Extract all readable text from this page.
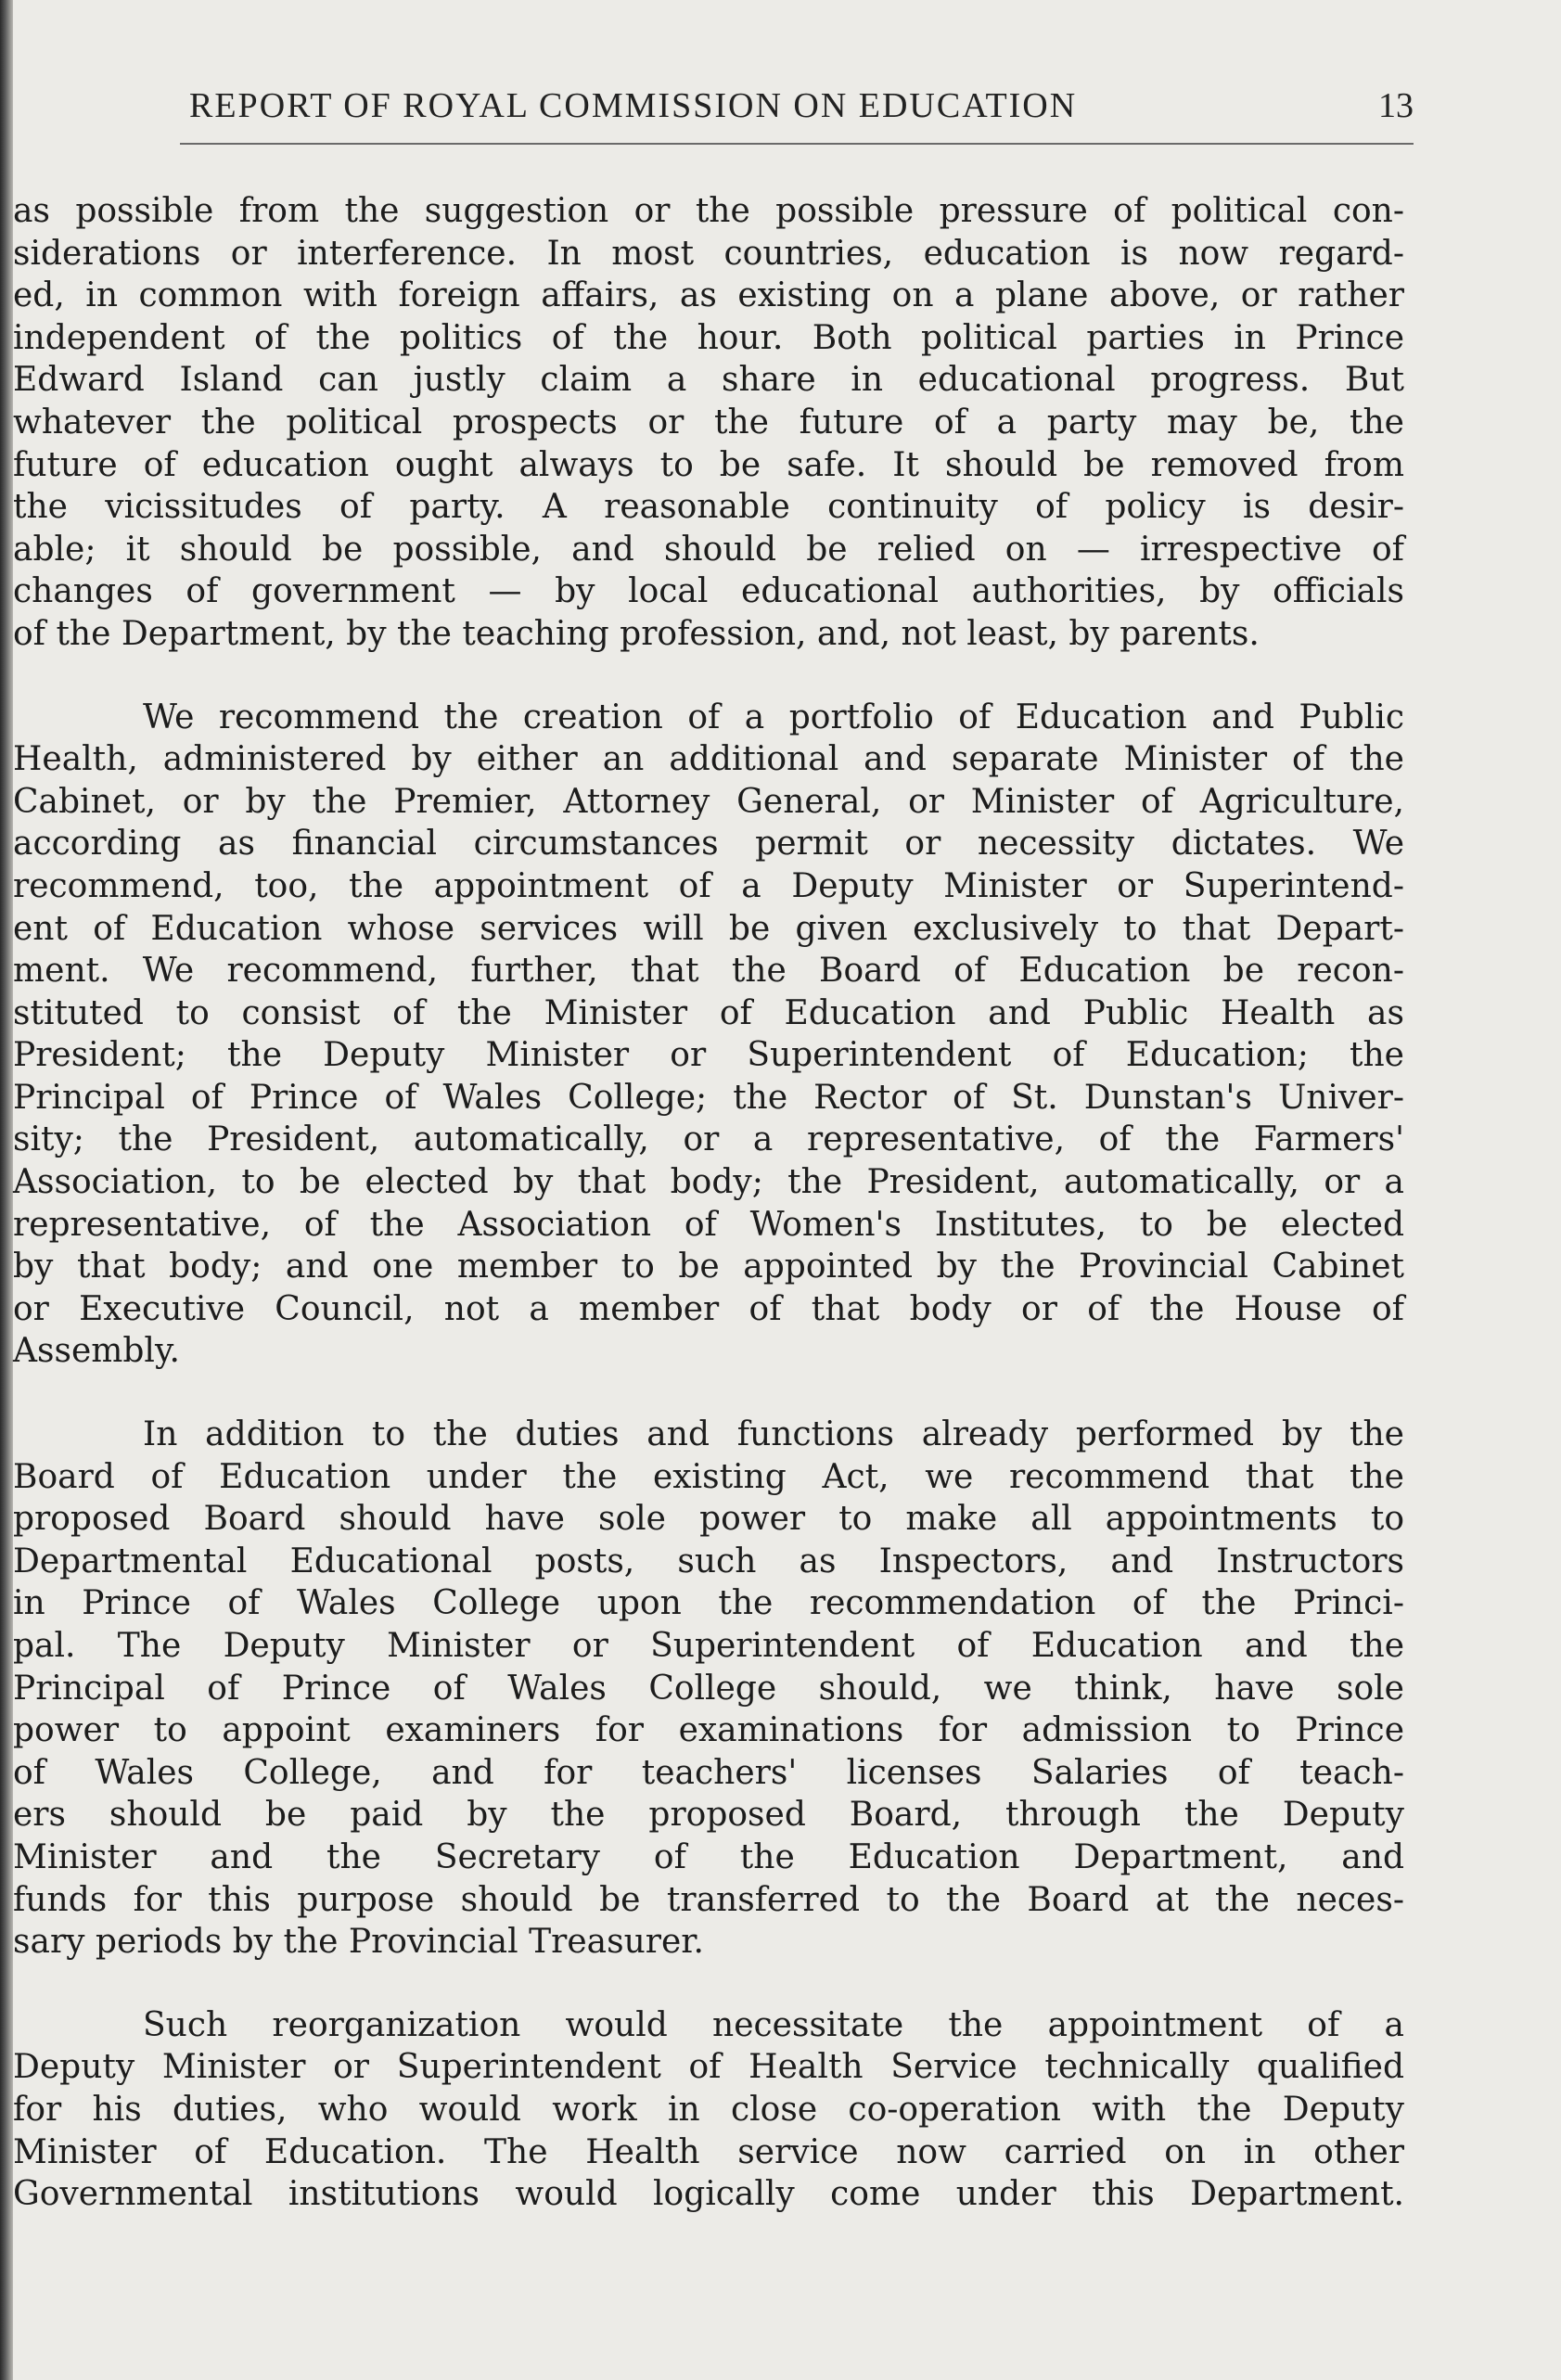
REPORT OF ROYAL COMMISSION ON EDUCATION	13
as possible from the suggestion or the possible pressure of political con-
siderations or interference. In most countries, education is now regard-
ed, in common with foreign affairs, as existing on a plane above, or rather
independent of the politics of the hour. Both political parties in Prince
Edward Island can justly claim a share in educational progress. But
whatever the political prospects or the future of a party may be, the
future of education ought always to be safe. It should be removed from
the vicissitudes of party. A reasonable continuity of policy is desir-
able; it should be possible, and should be relied on — irrespective of
changes of government — by local educational authorities, by officials
of the Department, by the teaching profession, and, not least, by parents.
We recommend the creation of a portfolio of Education and Public
Health, administered by either an additional and separate Minister of the
Cabinet, or by the Premier, Attorney General, or Minister of Agriculture,
according as financial circumstances permit or necessity dictates. We
recommend, too, the appointment of a Deputy Minister or Superintend-
ent of Education whose services will be given exclusively to that Depart-
ment. We recommend, further, that the Board of Education be recon-
stituted to consist of the Minister of Education and Public Health as
President; the Deputy Minister or Superintendent of Education; the
Principal of Prince of Wales College; the Rector of St. Dunstan's Univer-
sity; the President, automatically, or a representative, of the Farmers'
Association, to be elected by that body; the President, automatically, or a
representative, of the Association of Women's Institutes, to be elected
by that body; and one member to be appointed by the Provincial Cabinet
or Executive Council, not a member of that body or of the House of
Assembly.
In addition to the duties and functions already performed by the
Board of Education under the existing Act, we recommend that the
proposed Board should have sole power to make all appointments to
Departmental Educational posts, such as Inspectors, and Instructors
in Prince of Wales College upon the recommendation of the Princi-
pal. The Deputy Minister or Superintendent of Education and the
Principal of Prince of Wales College should, we think, have sole
power to appoint examiners for examinations for admission to Prince
of Wales College, and for teachers' licenses Salaries of teach-
ers should be paid by the proposed Board, through the Deputy
Minister and the Secretary of the Education Department, and
funds for this purpose should be transferred to the Board at the neces-
sary periods by the Provincial Treasurer.
Such reorganization would necessitate the appointment of a
Deputy Minister or Superintendent of Health Service technically qualified
for his duties, who would work in close co-operation with the Deputy
Minister of Education. The Health service now carried on in other
Governmental institutions would logically come under this Department.
